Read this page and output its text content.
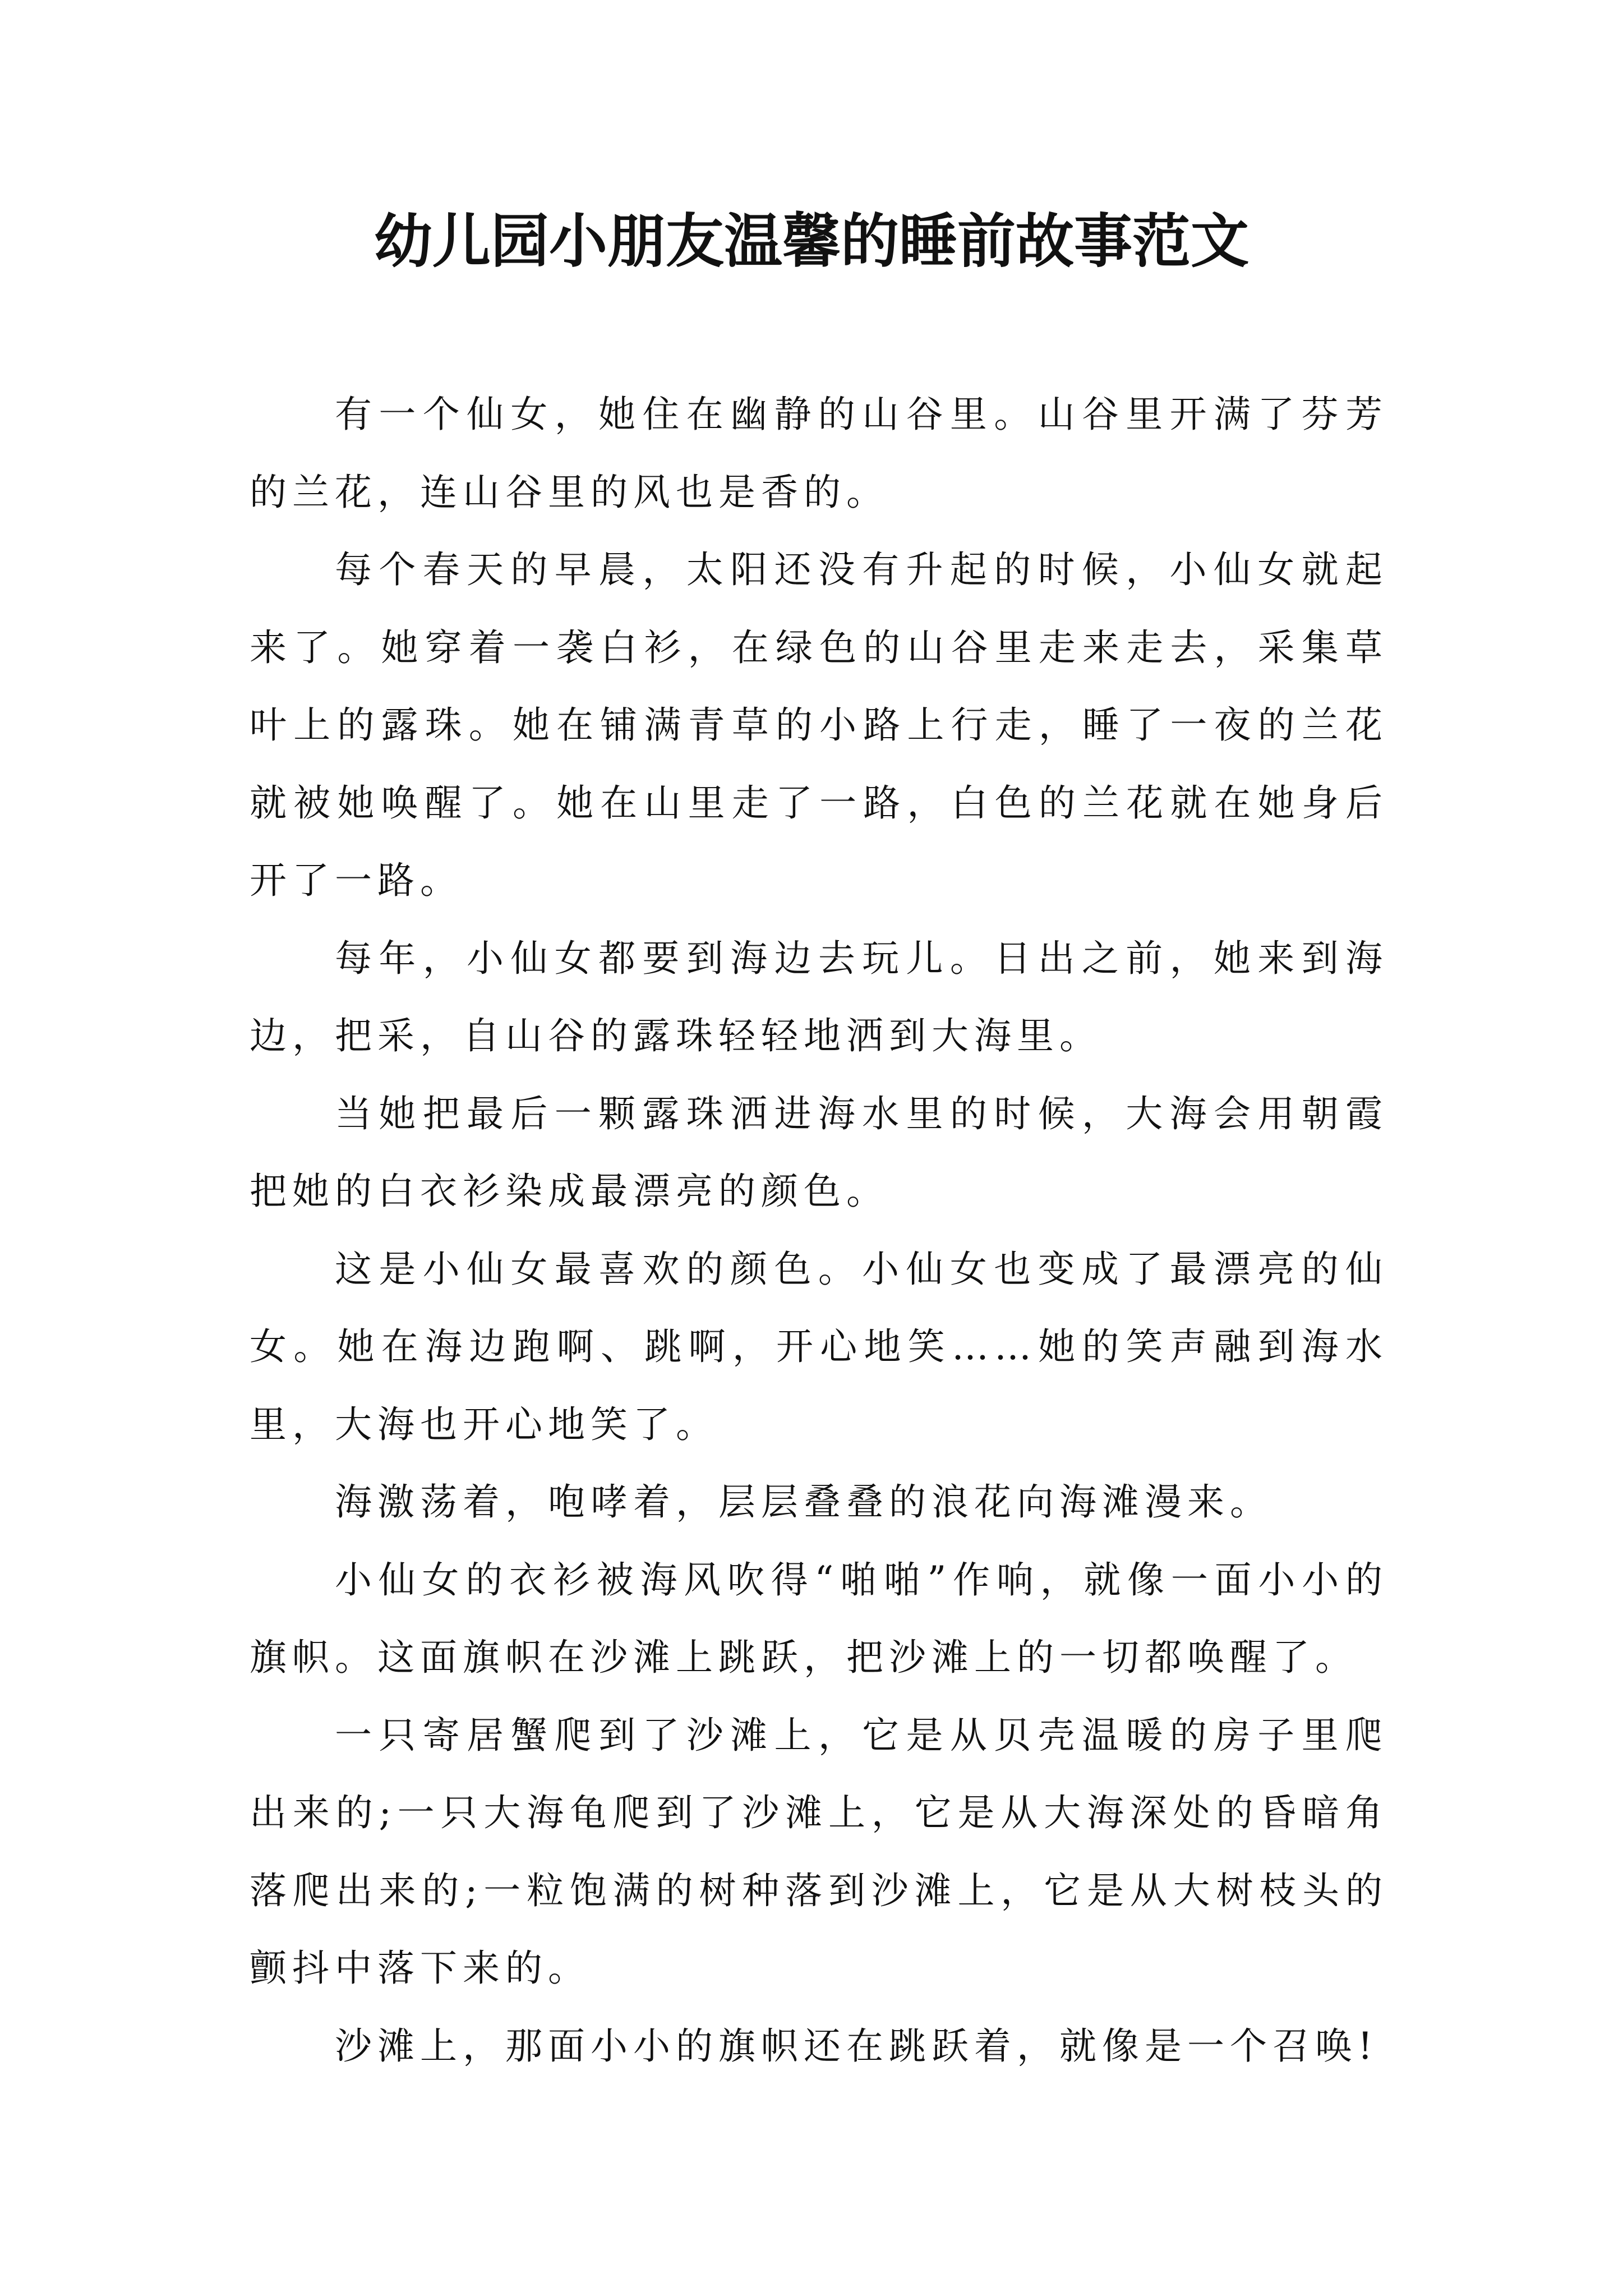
幼儿园小朋友温馨的睡前故事范文

有一个仙女，她住在幽静的山谷里。山谷里开满了芬芳的兰花，连山谷里的风也是香的。

每个春天的早晨，太阳还没有升起的时候，小仙女就起来了。她穿着一袭白衫，在绿色的山谷里走来走去，采集草叶上的露珠。她在铺满青草的小路上行走，睡了一夜的兰花就被她唤醒了。她在山里走了一路，白色的兰花就在她身后开了一路。

每年，小仙女都要到海边去玩儿。日出之前，她来到海边，把采，自山谷的露珠轻轻地洒到大海里。

当她把最后一颗露珠洒进海水里的时候，大海会用朝霞把她的白衣衫染成最漂亮的颜色。

这是小仙女最喜欢的颜色。小仙女也变成了最漂亮的仙女。她在海边跑啊、跳啊，开心地笑……她的笑声融到海水里，大海也开心地笑了。

海激荡着，咆哮着，层层叠叠的浪花向海滩漫来。

小仙女的衣衫被海风吹得“啪啪”作响，就像一面小小的旗帜。这面旗帜在沙滩上跳跃，把沙滩上的一切都唤醒了。

一只寄居蟹爬到了沙滩上，它是从贝壳温暖的房子里爬出来的;一只大海龟爬到了沙滩上，它是从大海深处的昏暗角落爬出来的;一粒饱满的树种落到沙滩上，它是从大树枝头的颤抖中落下来的。

沙滩上，那面小小的旗帜还在跳跃着，就像是一个召唤!
